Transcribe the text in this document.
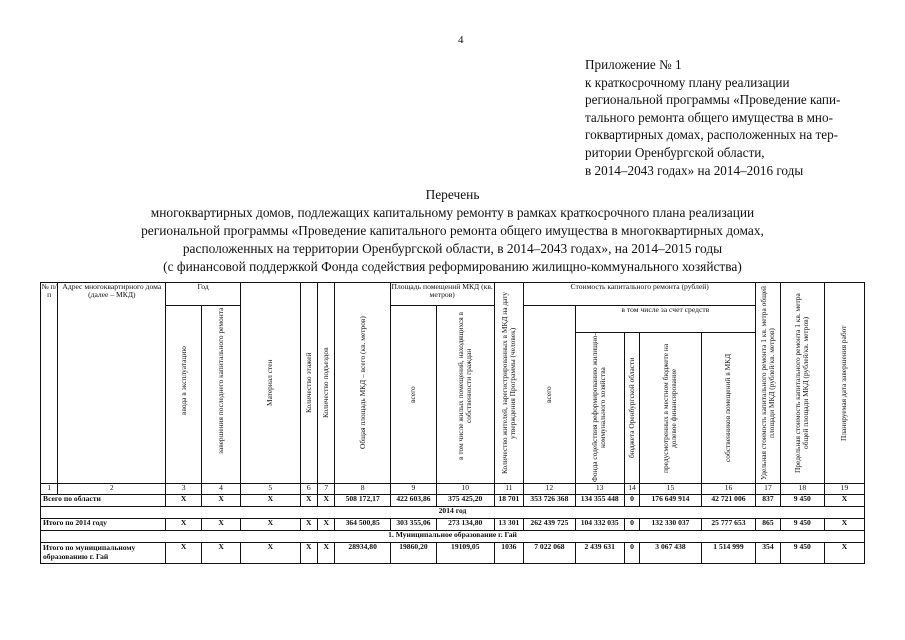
4
Приложение № 1
к краткосрочному плану реализации
региональной программы «Проведение капи-
тального ремонта общего имущества в мно-
гоквартирных домах, расположенных на тер-
ритории Оренбургской области,
в 2014–2043 годах» на 2014–2016 годы
Перечень
многоквартирных домов, подлежащих капитальному ремонту в рамках краткосрочного плана реализации
региональной программы «Проведение капитального ремонта общего имущества в многоквартирных домах,
расположенных на территории Оренбургской области, в 2014–2043 годах», на 2014–2015 годы
(с финансовой поддержкой Фонда содействия реформированию жилищно-коммунального хозяйства)
№ п/п	Адрес многоквартирного дома (далее – МКД)	Год		Материал стен	Количество этажей	Количество подъездов	Общая площадь МКД – всего (кв. метров)	Площадь помещений МКД (кв. метров)		Количество жителей, зарегистрированных в МКД на дату утверждения Программы (человек)	Стоимость капитального ремонта (рублей)					Удельная стоимость капитального ремонта 1 кв. метра общей площади МКД (рублей/кв. метров)	Предельная стоимость капитального ремонта 1 кв. метра общей площади МКД (рублей/кв. метров)	Планируемая дата завершения работ

		ввода в эксплуатацию	завершения последнего капитального ремонта					всего	в том числе жилых помещений, находящихся в собственности граждан		всего	в том числе за счет средств						

												Фонда содействия реформированию жилищно-коммунального хозяйства	бюджета Оренбургской области	предусмотренных в местном бюджете на долевое финансирование	собственников помещений в МКД			

1	2	3	4	5	6	7	8	9	10	11	12	13	14	15	16	17	18	19
Всего по области		Х	Х	Х	Х	Х	508 172,17	422 603,86	375 425,20	18 701	353 726 368	134 355 448	0	176 649 914	42 721 006	837	9 450	Х
2014 год																		
Итого по 2014 году		Х	Х	Х	Х	Х	364 500,85	303 355,06	273 134,80	13 301	262 439 725	104 332 035	0	132 330 037	25 777 653	865	9 450	Х
1. Муниципальное образование г. Гай																		
Итого по муниципальному образованию г. Гай		Х	Х	Х	Х	Х	28934,80	19860,20	19109,05	1036	7 022 068	2 439 631	0	3 067 438	1 514 999	354	9 450	Х
